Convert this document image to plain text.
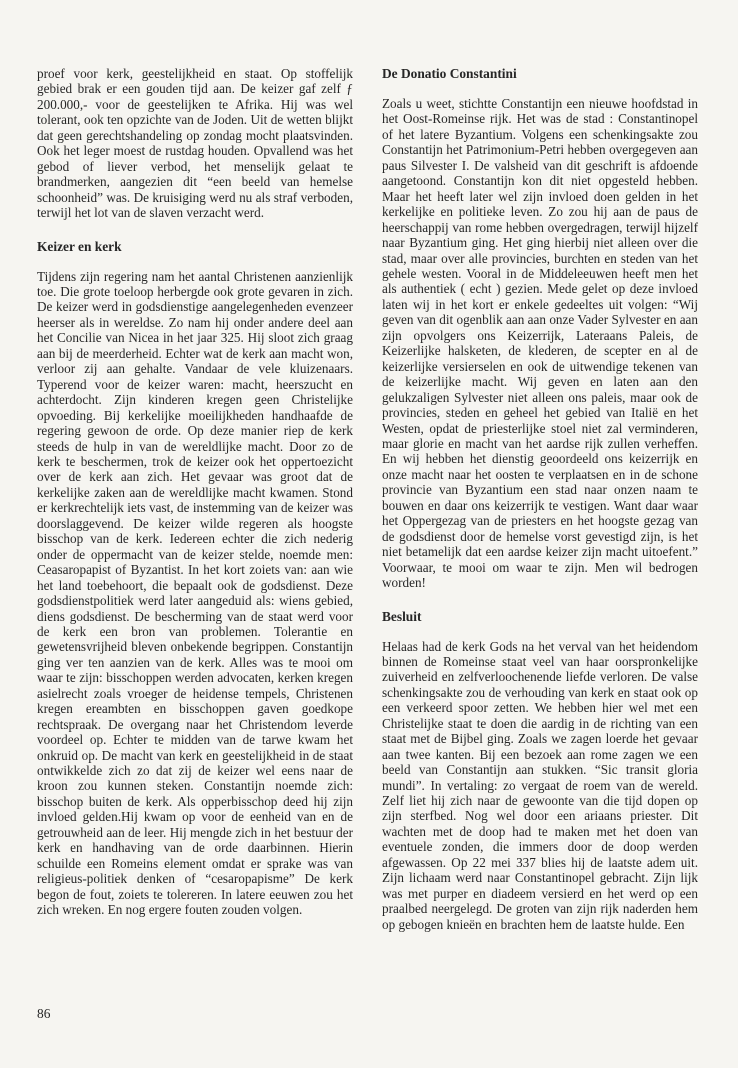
proef voor kerk, geestelijkheid en staat. Op stoffelijk gebied brak er een gouden tijd aan. De keizer gaf zelf ƒ 200.000,- voor de geestelijken te Afrika. Hij was wel tolerant, ook ten opzichte van de Joden. Uit de wetten blijkt dat geen gerechtshandeling op zondag mocht plaatsvinden. Ook het leger moest de rustdag houden. Opvallend was het gebod of liever verbod, het menselijk gelaat te brandmerken, aangezien dit “een beeld van hemelse schoonheid” was. De kruisiging werd nu als straf verboden, terwijl het lot van de slaven verzacht werd.

Keizer en kerk

Tijdens zijn regering nam het aantal Christenen aanzienlijk toe. Die grote toeloop herbergde ook grote gevaren in zich. De keizer werd in godsdienstige aangelegenheden evenzeer heerser als in wereldse. Zo nam hij onder andere deel aan het Concilie van Nicea in het jaar 325. Hij sloot zich graag aan bij de meerderheid. Echter wat de kerk aan macht won, verloor zij aan gehalte. Vandaar de vele kluizenaars. Typerend voor de keizer waren: macht, heerszucht en achterdocht. Zijn kinderen kregen geen Christelijke opvoeding. Bij kerkelijke moeilijkheden handhaafde de regering gewoon de orde. Op deze manier riep de kerk steeds de hulp in van de wereldlijke macht. Door zo de kerk te beschermen, trok de keizer ook het oppertoezicht over de kerk aan zich. Het gevaar was groot dat de kerkelijke zaken aan de wereldlijke macht kwamen. Stond er kerkrechtelijk iets vast, de instemming van de keizer was doorslaggevend. De keizer wilde regeren als hoogste bisschop van de kerk. Iedereen echter die zich nederig onder de oppermacht van de keizer stelde, noemde men: Ceasaropapist of Byzantist. In het kort zoiets van: aan wie het land toebehoort, die bepaalt ook de godsdienst. Deze godsdienstpolitiek werd later aangeduid als: wiens gebied, diens godsdienst. De bescherming van de staat werd voor de kerk een bron van problemen. Tolerantie en gewetensvrijheid bleven onbekende begrippen. Constantijn ging ver ten aanzien van de kerk. Alles was te mooi om waar te zijn: bisschoppen werden advocaten, kerken kregen asielrecht zoals vroeger de heidense tempels, Christenen kregen ereambten en bisschoppen gaven goedkope rechtspraak. De overgang naar het Christendom leverde voordeel op. Echter te midden van de tarwe kwam het onkruid op. De macht van kerk en geestelijkheid in de staat ontwikkelde zich zo dat zij de keizer wel eens naar de kroon zou kunnen steken. Constantijn noemde zich: bisschop buiten de kerk. Als opperbisschop deed hij zijn invloed gelden.Hij kwam op voor de eenheid van en de getrouwheid aan de leer. Hij mengde zich in het bestuur der kerk en handhaving van de orde daarbinnen. Hierin schuilde een Romeins element omdat er sprake was van religieus-politiek denken of “cesaropapisme” De kerk begon de fout, zoiets te tolereren. In latere eeuwen zou het zich wreken. En nog ergere fouten zouden volgen.

De Donatio Constantini

Zoals u weet, stichtte Constantijn een nieuwe hoofdstad in het Oost-Romeinse rijk. Het was de stad : Constantinopel of het latere Byzantium. Volgens een schenkingsakte zou Constantijn het Patrimonium-Petri hebben overgegeven aan paus Silvester I. De valsheid van dit geschrift is afdoende aangetoond. Constantijn kon dit niet opgesteld hebben. Maar het heeft later wel zijn invloed doen gelden in het kerkelijke en politieke leven. Zo zou hij aan de paus de heerschappij van rome hebben overgedragen, terwijl hijzelf naar Byzantium ging. Het ging hierbij niet alleen over die stad, maar over alle provincies, burchten en steden van het gehele westen. Vooral in de Middeleeuwen heeft men het als authentiek ( echt ) gezien. Mede gelet op deze invloed laten wij in het kort er enkele gedeeltes uit volgen: “Wij geven van dit ogenblik aan aan onze Vader Sylvester en aan zijn opvolgers ons Keizerrijk, Lateraans Paleis, de Keizerlijke halsketen, de klederen, de scepter en al de keizerlijke versierselen en ook de uitwendige tekenen van de keizerlijke macht. Wij geven en laten aan den gelukzaligen Sylvester niet alleen ons paleis, maar ook de provincies, steden en geheel het gebied van Italië en het Westen, opdat de priesterlijke stoel niet zal verminderen, maar glorie en macht van het aardse rijk zullen verheffen. En wij hebben het dienstig geoordeeld ons keizerrijk en onze macht naar het oosten te verplaatsen en in de schone provincie van Byzantium een stad naar onzen naam te bouwen en daar ons keizerrijk te vestigen. Want daar waar het Oppergezag van de priesters en het hoogste gezag van de godsdienst door de hemelse vorst gevestigd zijn, is het niet betamelijk dat een aardse keizer zijn macht uitoefent.” Voorwaar, te mooi om waar te zijn. Men wil bedrogen worden!

Besluit

Helaas had de kerk Gods na het verval van het heidendom binnen de Romeinse staat veel van haar oorspronkelijke zuiverheid en zelfverloochenende liefde verloren. De valse schenkingsakte zou de verhouding van kerk en staat ook op een verkeerd spoor zetten. We hebben hier wel met een Christelijke staat te doen die aardig in de richting van een staat met de Bijbel ging. Zoals we zagen loerde het gevaar aan twee kanten. Bij een bezoek aan rome zagen we een beeld van Constantijn aan stukken. “Sic transit gloria mundi”. In vertaling: zo vergaat de roem van de wereld. Zelf liet hij zich naar de gewoonte van die tijd dopen op zijn sterfbed. Nog wel door een ariaans priester. Dit wachten met de doop had te maken met het doen van eventuele zonden, die immers door de doop werden afgewassen. Op 22 mei 337 blies hij de laatste adem uit. Zijn lichaam werd naar Constantinopel gebracht. Zijn lijk was met purper en diadeem versierd en het werd op een praalbed neergelegd. De groten van zijn rijk naderden hem op gebogen knieën en brachten hem de laatste hulde. Een

86
